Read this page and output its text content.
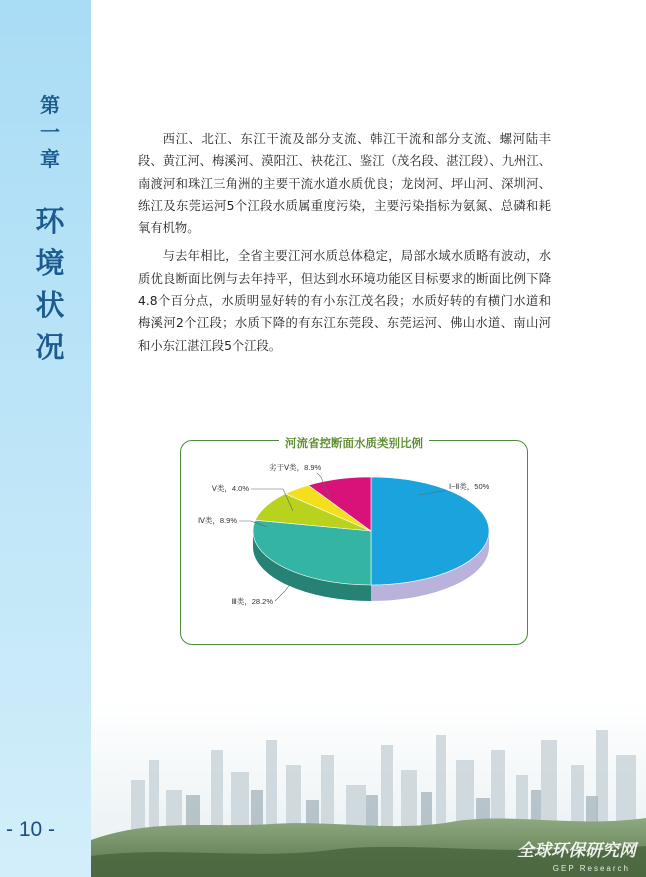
第
一
章
环
境
状
况
- 10 -
全球环保研究网
GEP Research

西江、北江、东江干流及部分支流、韩江干流和部分支流、螺河陆丰段、黄江河、梅溪河、漠阳江、袂花江、鉴江（茂名段、湛江段）、九州江、南渡河和珠江三角洲的主要干流水道水质优良；龙岗河、坪山河、深圳河、练江及东莞运河5个江段水质属重度污染，主要污染指标为氨氮、总磷和耗氧有机物。

与去年相比，全省主要江河水质总体稳定，局部水域水质略有波动，水质优良断面比例与去年持平，但达到水环境功能区目标要求的断面比例下降4.8个百分点，水质明显好转的有小东江茂名段；水质好转的有横门水道和梅溪河2个江段；水质下降的有东江东莞段、东莞运河、佛山水道、南山河和小东江湛江段5个江段。

河流省控断面水质类别比例
Ⅰ~Ⅱ类，50%
Ⅲ类，28.2%
Ⅳ类，8.9%
Ⅴ类，4.0%
劣于Ⅴ类，8.9%
